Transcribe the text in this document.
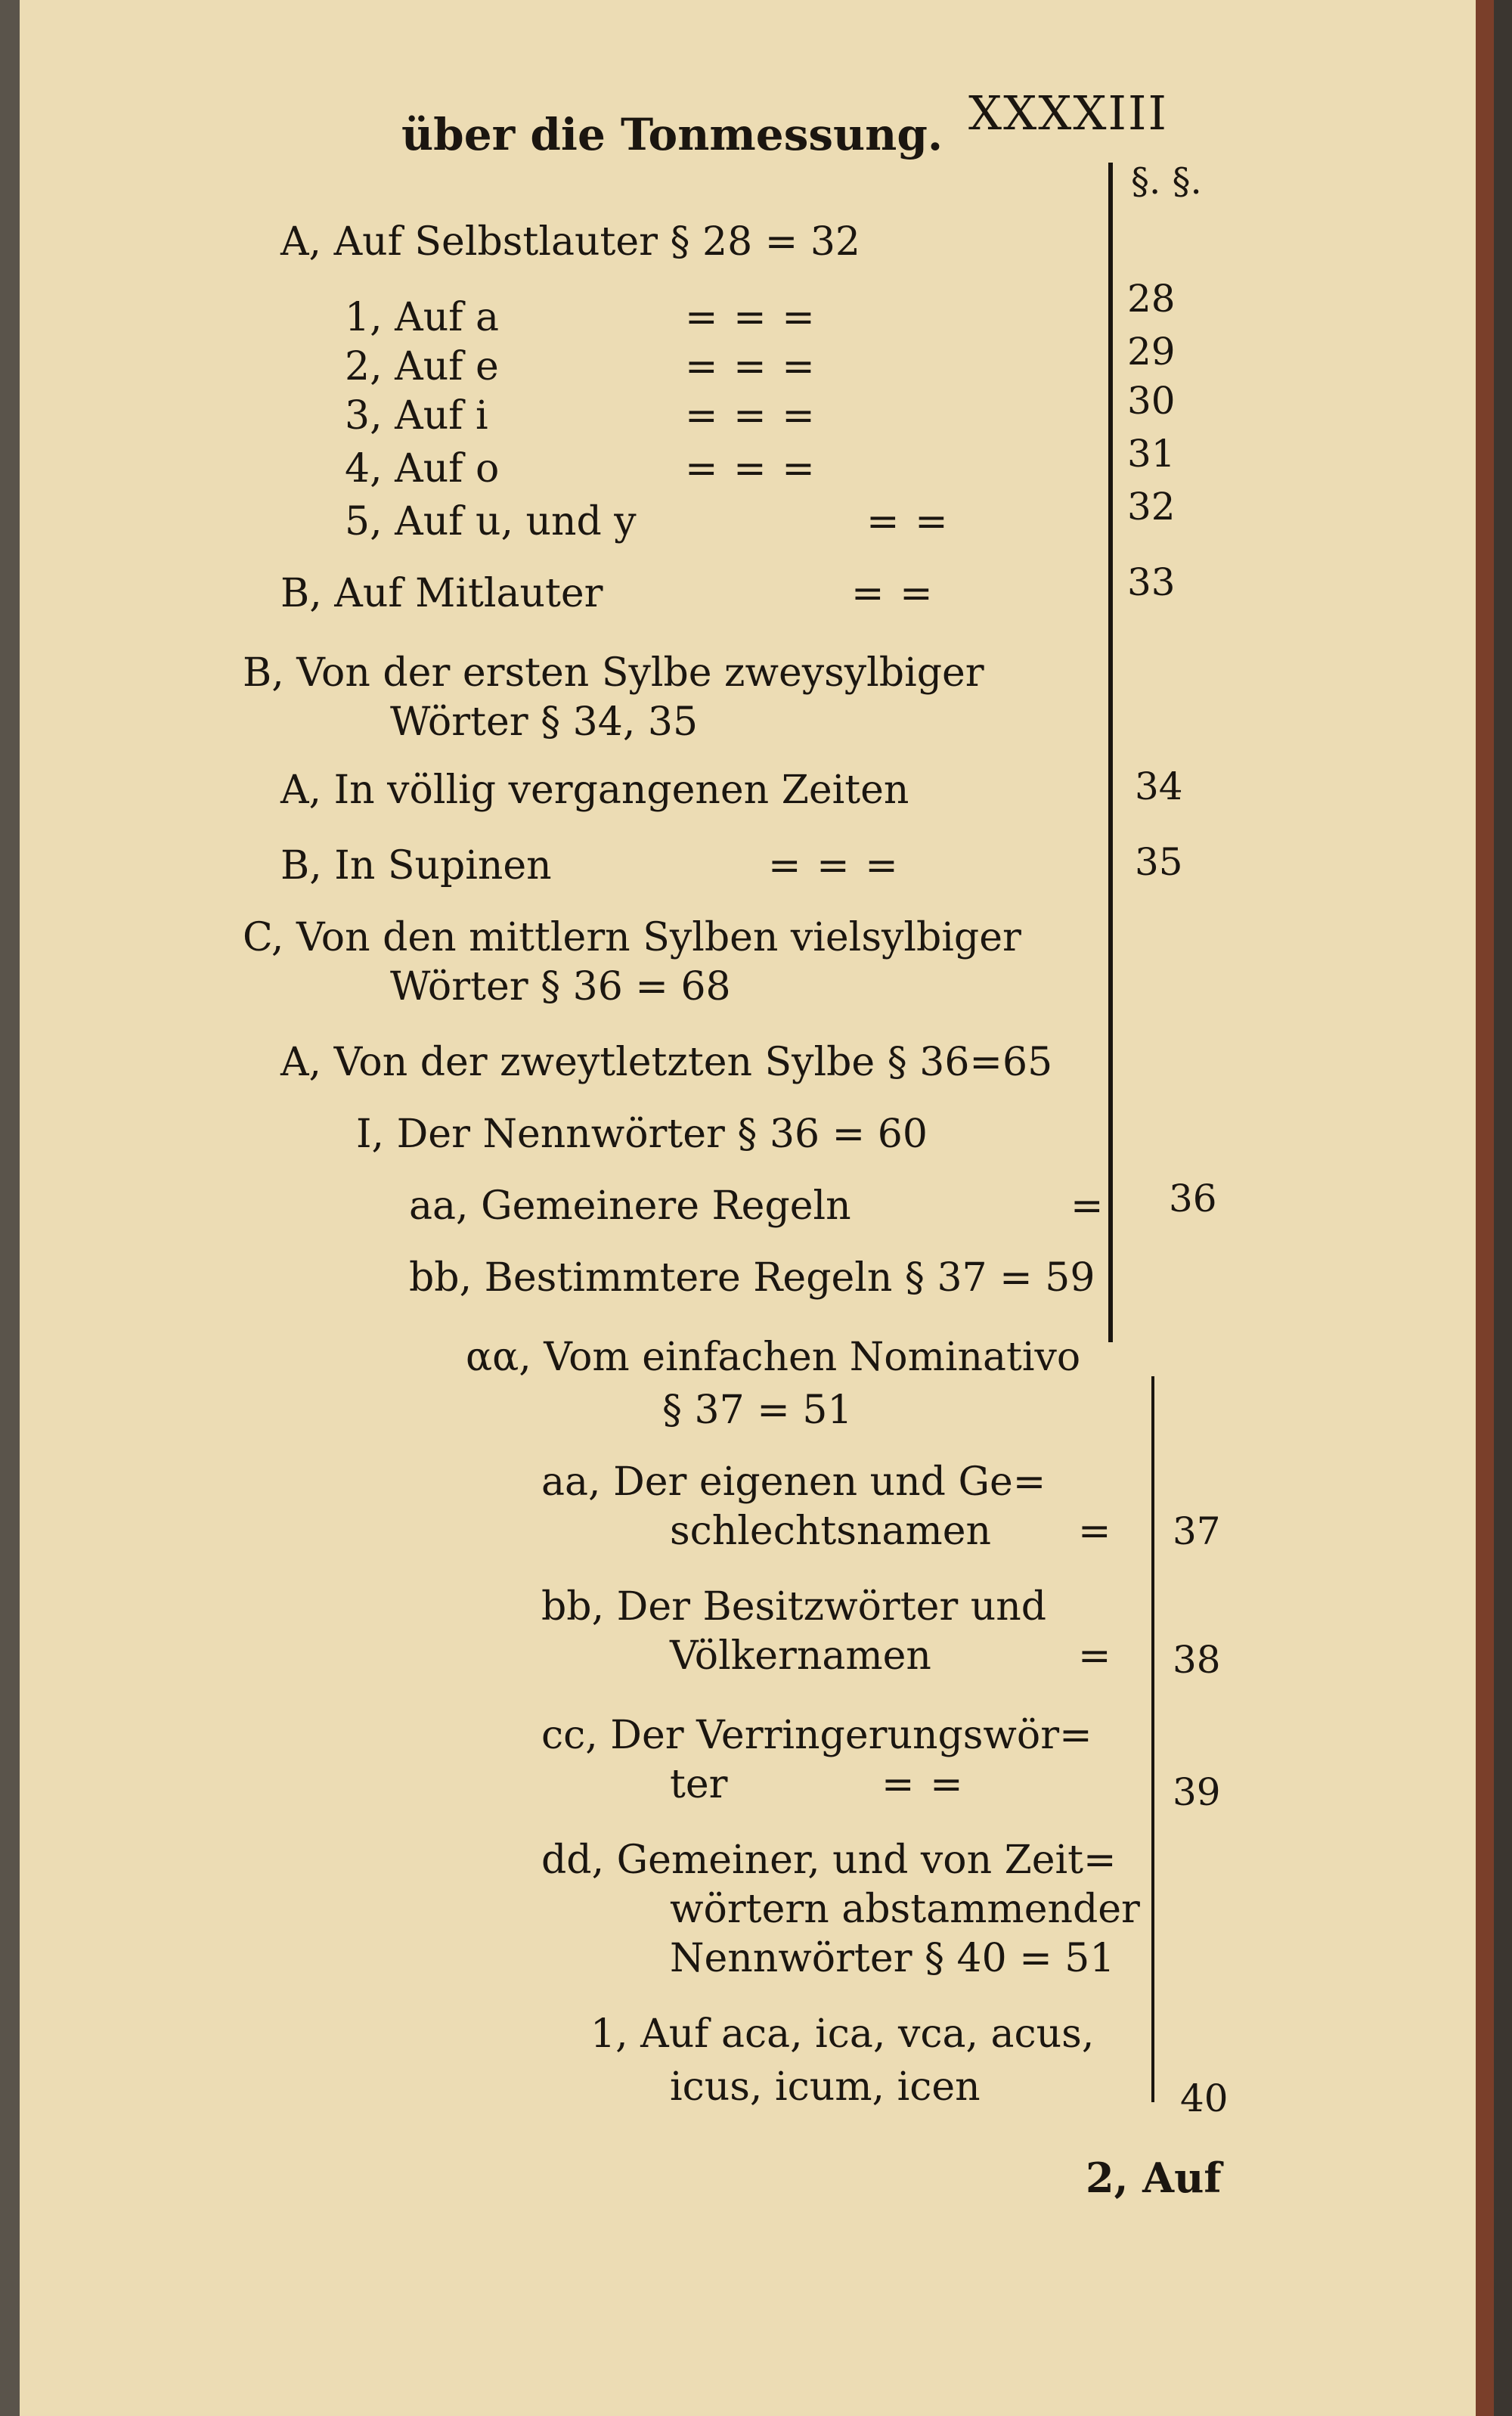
über die Tonmessung. XXXXIII
§. §.
A, Auf Selbstlauter § 28 = 32
1, Auf a	= = =	28
2, Auf e	= = =	29
3, Auf i	= = =	30
4, Auf o	= = =	31
5, Auf u, und y	= =	32
B, Auf Mitlauter	= =	33
B, Von der ersten Sylbe zweysylbiger
Wörter § 34, 35
A, In völlig vergangenen Zeiten	34
B, In Supinen	= = =	35
C, Von den mittlern Sylben vielsylbiger
Wörter § 36 = 68
A, Von der zweytletzten Sylbe § 36=65
I, Der Nennwörter § 36 = 60
aa, Gemeinere Regeln	= 36
bb, Bestimmtere Regeln § 37 = 59
αα, Vom einfachen Nominativo
§ 37 = 51
aa, Der eigenen und Ge=
schlechtsnamen = 37
bb, Der Besitzwörter und
Völkernamen	= 38
cc, Der Verringerungswör=
ter	= =	39
dd, Gemeiner, und von Zeit=
wörtern abstammender
Nennwörter § 40 = 51
1, Auf aca, ica, vca, acus,
icus, icum, icen	40
2, Auf
